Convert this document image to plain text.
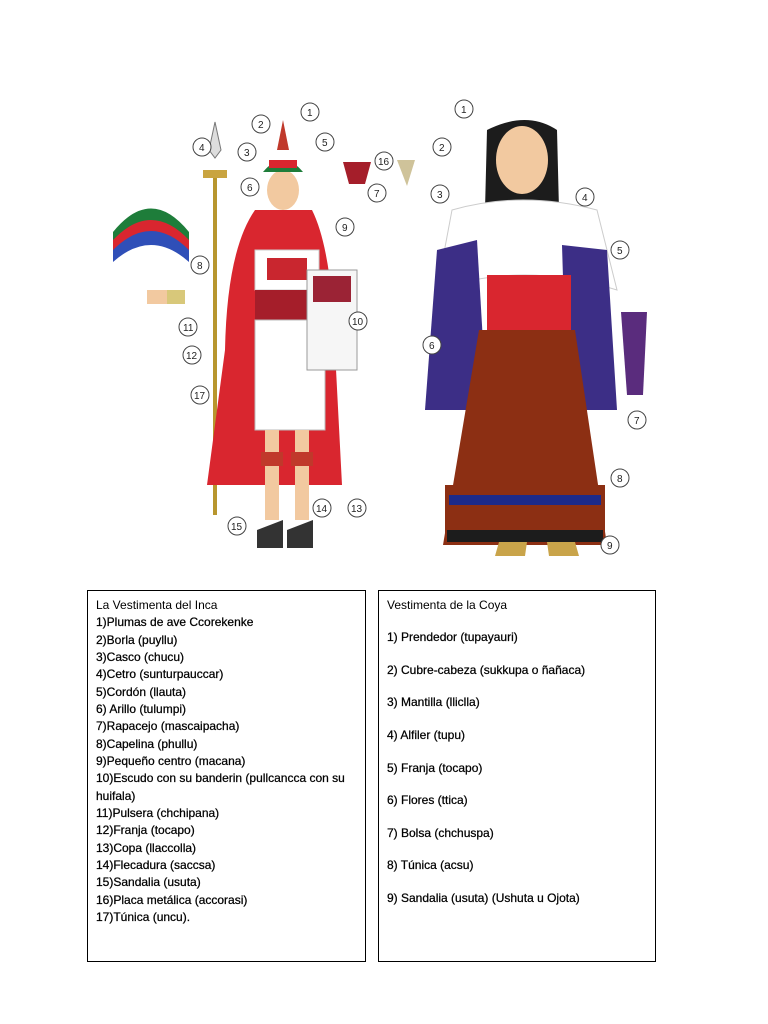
1
2
3
4	5
6
7
8
9
10
11
12
13
14
15
16
17
1
2
3	4
5
6
7
8
9

La Vestimenta del Inca

1)Plumas de ave Ccorekenke
2)Borla (puyllu)
3)Casco (chucu)
4)Cetro (sunturpauccar)
5)Cordón (llauta)
6) Arillo (tulumpi)
7)Rapacejo (mascaipacha)
8)Capelina (phullu)
9)Pequeño centro (macana)
10)Escudo con su banderin (pullcancca con su
huifala)
11)Pulsera (chchipana)
12)Franja (tocapo)
13)Copa (llaccolla)
14)Flecadura (saccsa)
15)Sandalia (usuta)
16)Placa metálica (accorasi)
17)Túnica (uncu).

Vestimenta de la Coya

1) Prendedor (tupayauri)
2) Cubre-cabeza (sukkupa o ñañaca)
3) Mantilla (lliclla)
4) Alfiler (tupu)
5) Franja (tocapo)
6) Flores (ttica)
7) Bolsa (chchuspa)
8) Túnica (acsu)
9) Sandalia (usuta) (Ushuta u Ojota)
